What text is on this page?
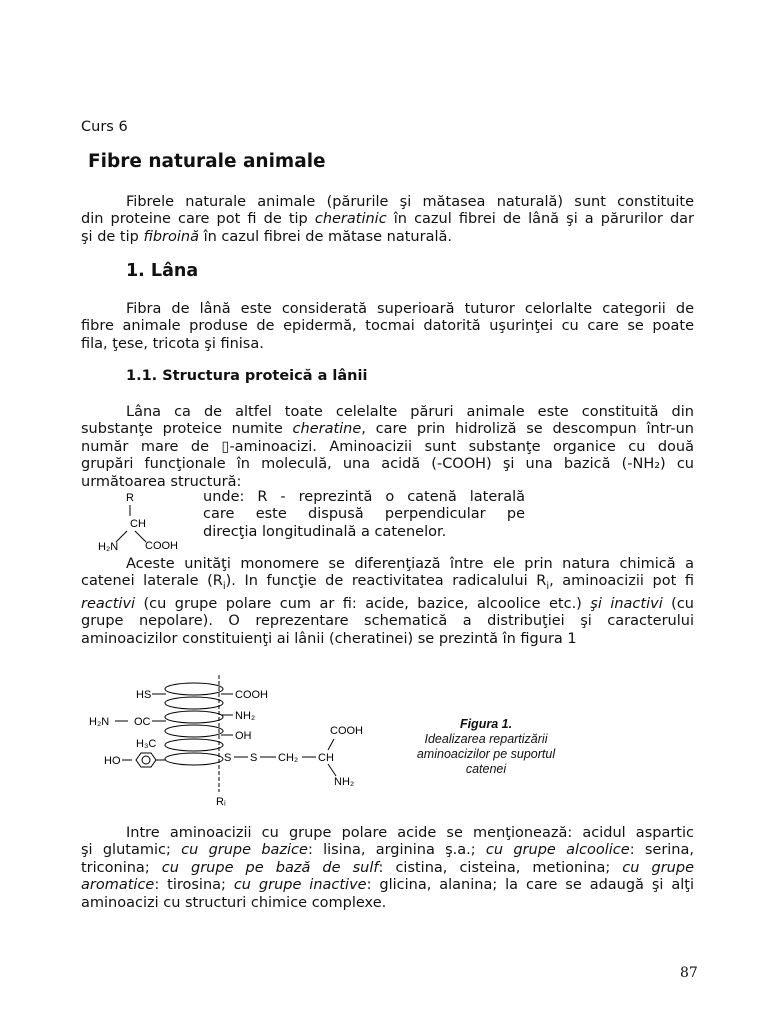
Curs 6
Fibre naturale animale
Fibrele naturale animale (părurile şi mătasea naturală) sunt constituite
din proteine care pot fi de tip cheratinic în cazul fibrei de lână şi a părurilor dar
şi de tip fibroină în cazul fibrei de mătase naturală.
1. Lâna
Fibra de lână este considerată superioară tuturor celorlalte categorii de
fibre animale produse de epidermă, tocmai datorită uşurinţei cu care se poate
fila, ţese, tricota şi finisa.
1.1. Structura proteică a lânii
Lâna ca de altfel toate celelalte păruri animale este constituită din
substanţe proteice numite cheratine, care prin hidroliză se descompun într-un
număr mare de ▯-aminoacizi. Aminoacizii sunt substanţe organice cu două
grupări funcţionale în moleculă, una acidă (-COOH) şi una bazică (-NH₂) cu
următoarea structură:
R
CH
H₂N COOH
unde: R - reprezintă o catenă laterală
care este dispusă perpendicular pe
direcţia longitudinală a catenelor.
Aceste unităţi monomere se diferenţiază între ele prin natura chimică a
catenei laterale $(R_i)$. In funcţie de reactivitatea radicalului $R_i$, aminoacizii pot fi
reactivi (cu grupe polare cum ar fi: acide, bazice, alcoolice etc.) şi inactivi (cu
grupe nepolare). O reprezentare schematică a distribuţiei şi caracterului
aminoacizilor constituienţi ai lânii (cheratinei) se prezintă în figura 1
HS
H₂N OC
H₃C
HO
COOH
NH₂
OH
S S CH₂ CH
COOH
NH₂
Rᵢ
Figura 1.
Idealizarea repartizării
aminoacizilor pe suportul
catenei
Intre aminoacizii cu grupe polare acide se menţionează: acidul aspartic
şi glutamic; cu grupe bazice: lisina, arginina ş.a.; cu grupe alcoolice: serina,
triconina; cu grupe pe bază de sulf: cistina, cisteina, metionina; cu grupe
aromatice: tirosina; cu grupe inactive: glicina, alanina; la care se adaugă şi alţi
aminoacizi cu structuri chimice complexe.
87
